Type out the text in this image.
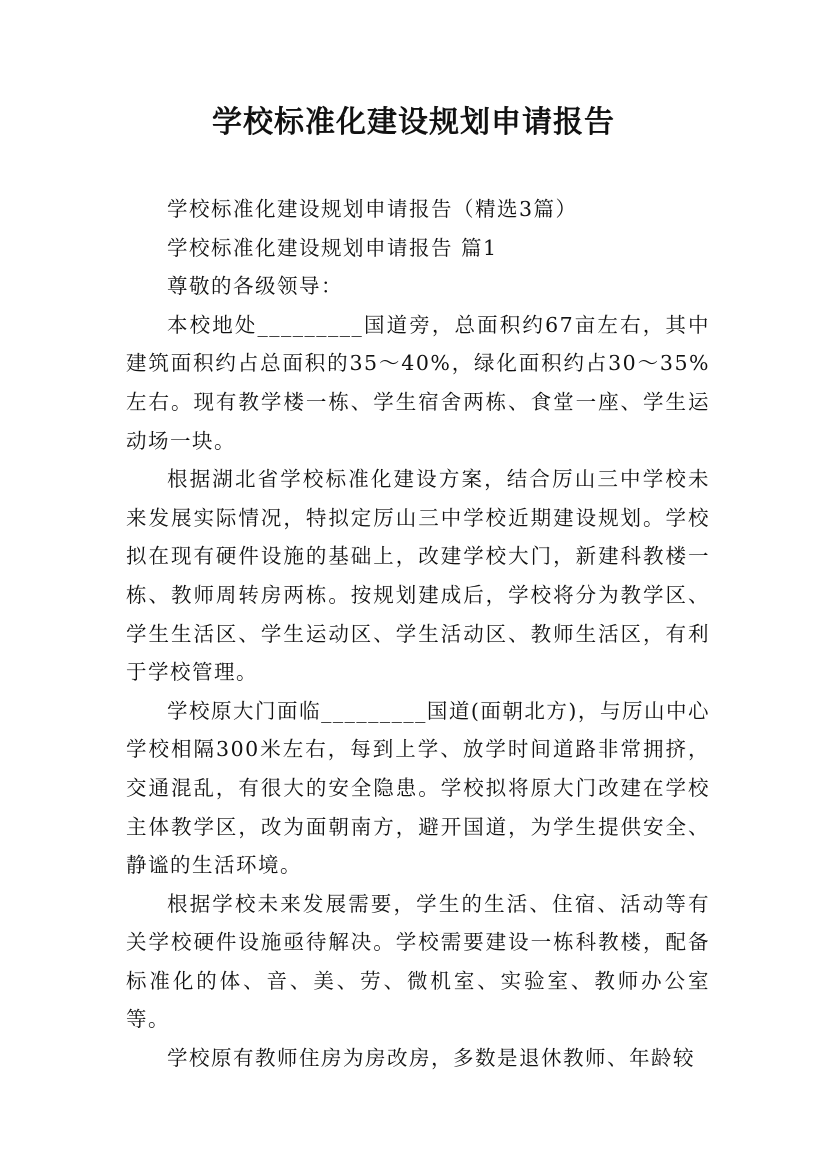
学校标准化建设规划申请报告

学校标准化建设规划申请报告（精选3篇）

学校标准化建设规划申请报告 篇1

尊敬的各级领导：

本校地处_________国道旁，总面积约67亩左右，其中建筑面积约占总面积的35～40%，绿化面积约占30～35%左右。现有教学楼一栋、学生宿舍两栋、食堂一座、学生运动场一块。

根据湖北省学校标准化建设方案，结合厉山三中学校未来发展实际情况，特拟定厉山三中学校近期建设规划。学校拟在现有硬件设施的基础上，改建学校大门，新建科教楼一栋、教师周转房两栋。按规划建成后，学校将分为教学区、学生生活区、学生运动区、学生活动区、教师生活区，有利于学校管理。

学校原大门面临_________国道(面朝北方)，与厉山中心学校相隔300米左右，每到上学、放学时间道路非常拥挤，交通混乱，有很大的安全隐患。学校拟将原大门改建在学校主体教学区，改为面朝南方，避开国道，为学生提供安全、静谧的生活环境。

根据学校未来发展需要，学生的生活、住宿、活动等有关学校硬件设施亟待解决。学校需要建设一栋科教楼，配备标准化的体、音、美、劳、微机室、实验室、教师办公室等。

学校原有教师住房为房改房，多数是退休教师、年龄较
